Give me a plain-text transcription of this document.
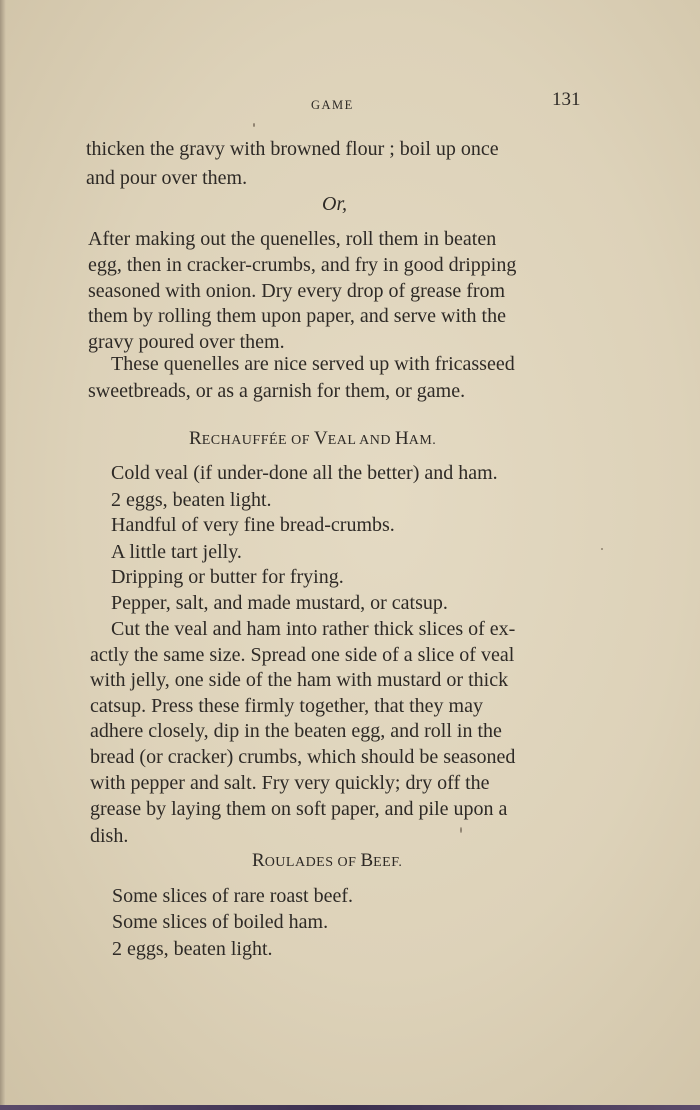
GAME	131
thicken the gravy with browned flour ; boil up once
and pour over them.
Or,
After making out the quenelles, roll them in beaten
egg, then in cracker-crumbs, and fry in good dripping
seasoned with onion. Dry every drop of grease from
them by rolling them upon paper, and serve with the
gravy poured over them.
These quenelles are nice served up with fricasseed
sweetbreads, or as a garnish for them, or game.
RECHAUFFÉE OF VEAL AND HAM.
Cold veal (if under-done all the better) and ham.
2 eggs, beaten light.
Handful of very fine bread-crumbs.
A little tart jelly.
Dripping or butter for frying.
Pepper, salt, and made mustard, or catsup.
Cut the veal and ham into rather thick slices of ex-
actly the same size. Spread one side of a slice of veal
with jelly, one side of the ham with mustard or thick
catsup. Press these firmly together, that they may
adhere closely, dip in the beaten egg, and roll in the
bread (or cracker) crumbs, which should be seasoned
with pepper and salt. Fry very quickly; dry off the
grease by laying them on soft paper, and pile upon a
dish.
ROULADES OF BEEF.
Some slices of rare roast beef.
Some slices of boiled ham.
2 eggs, beaten light.
